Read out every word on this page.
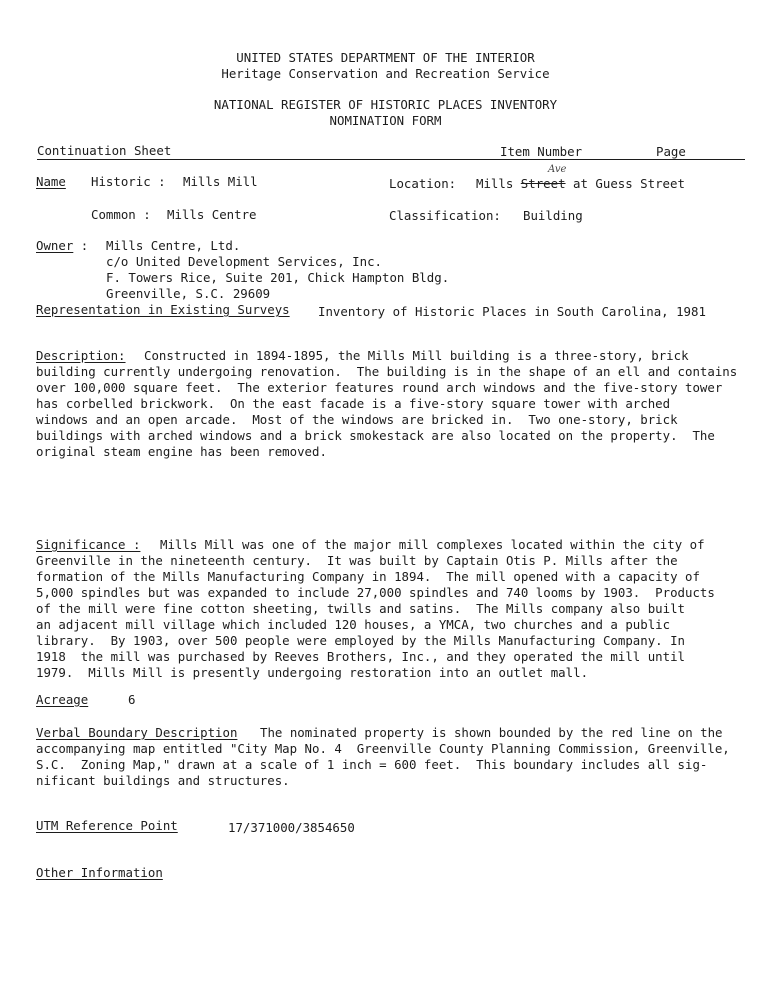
UNITED STATES DEPARTMENT OF THE INTERIOR
Heritage Conservation and Recreation Service
NATIONAL REGISTER OF HISTORIC PLACES INVENTORY
NOMINATION FORM
Continuation Sheet	Item Number	Page
Name Historic : Mills Mill	Location: Mills Street at Guess Street
Ave
Common : Mills Centre	Classification: Building
Owner : Mills Centre, Ltd.
c/o United Development Services, Inc.
F. Towers Rice, Suite 201, Chick Hampton Bldg.
Greenville, S.C. 29609
Representation in Existing Surveys Inventory of Historic Places in South Carolina, 1981
Description: Constructed in 1894-1895, the Mills Mill building is a three-story, brick
building currently undergoing renovation.  The building is in the shape of an ell and contains
over 100,000 square feet.  The exterior features round arch windows and the five-story tower
has corbelled brickwork.  On the east facade is a five-story square tower with arched
windows and an open arcade.  Most of the windows are bricked in.  Two one-story, brick
buildings with arched windows and a brick smokestack are also located on the property.  The
original steam engine has been removed.
Significance : Mills Mill was one of the major mill complexes located within the city of
Greenville in the nineteenth century.  It was built by Captain Otis P. Mills after the
formation of the Mills Manufacturing Company in 1894.  The mill opened with a capacity of
5,000 spindles but was expanded to include 27,000 spindles and 740 looms by 1903.  Products
of the mill were fine cotton sheeting, twills and satins.  The Mills company also built
an adjacent mill village which included 120 houses, a YMCA, two churches and a public
library.  By 1903, over 500 people were employed by the Mills Manufacturing Company. In
1918  the mill was purchased by Reeves Brothers, Inc., and they operated the mill until
1979.  Mills Mill is presently undergoing restoration into an outlet mall.
Acreage	6
Verbal Boundary Description The nominated property is shown bounded by the red line on the
accompanying map entitled "City Map No. 4  Greenville County Planning Commission, Greenville,
S.C.  Zoning Map," drawn at a scale of 1 inch = 600 feet.  This boundary includes all sig-
nificant buildings and structures.
UTM Reference Point	17/371000/3854650
Other Information
